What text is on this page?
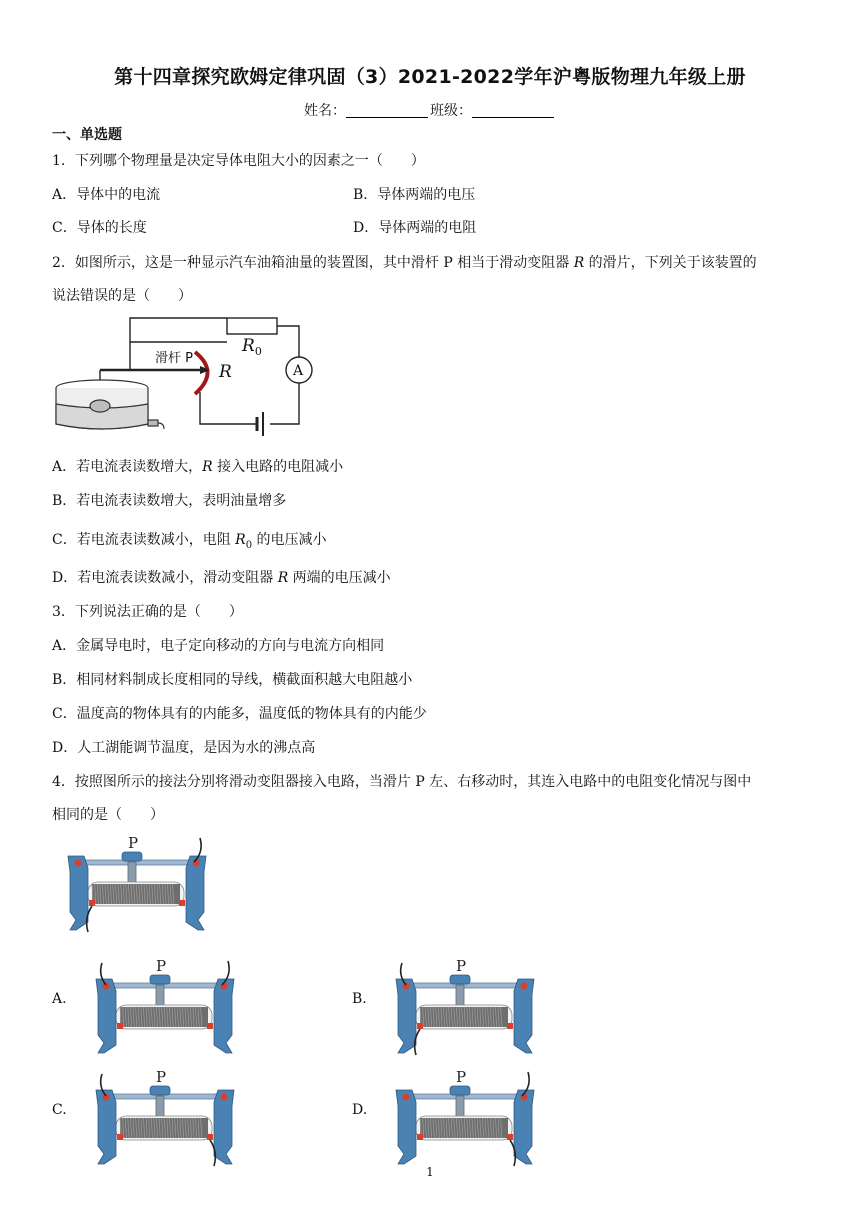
第十四章探究欧姆定律巩固（3）2021-2022学年沪粤版物理九年级上册
姓名：	班级：
一、单选题
1．下列哪个物理量是决定导体电阻大小的因素之一（　　）
A．导体中的电流	B．导体两端的电压
C．导体的长度	D．导体两端的电阻
2．如图所示，这是一种显示汽车油箱油量的装置图，其中滑杆 P 相当于滑动变阻器 R 的滑片，下列关于该装置的
说法错误的是（　　）
滑杆 P
R
$R_0$
A
A．若电流表读数增大，R 接入电路的电阻减小
B．若电流表读数增大，表明油量增多
C．若电流表读数减小，电阻 $R_0$ 的电压减小
D．若电流表读数减小，滑动变阻器 R 两端的电压减小
3．下列说法正确的是（　　）
A．金属导电时，电子定向移动的方向与电流方向相同
B．相同材料制成长度相同的导线，横截面积越大电阻越小
C．温度高的物体具有的内能多，温度低的物体具有的内能少
D．人工湖能调节温度，是因为水的沸点高
4．按照图所示的接法分别将滑动变阻器接入电路，当滑片 P 左、右移动时，其连入电路中的电阻变化情况与图中
相同的是（　　）
P
A.
P
B.
P
C.
P
D.
P
1
